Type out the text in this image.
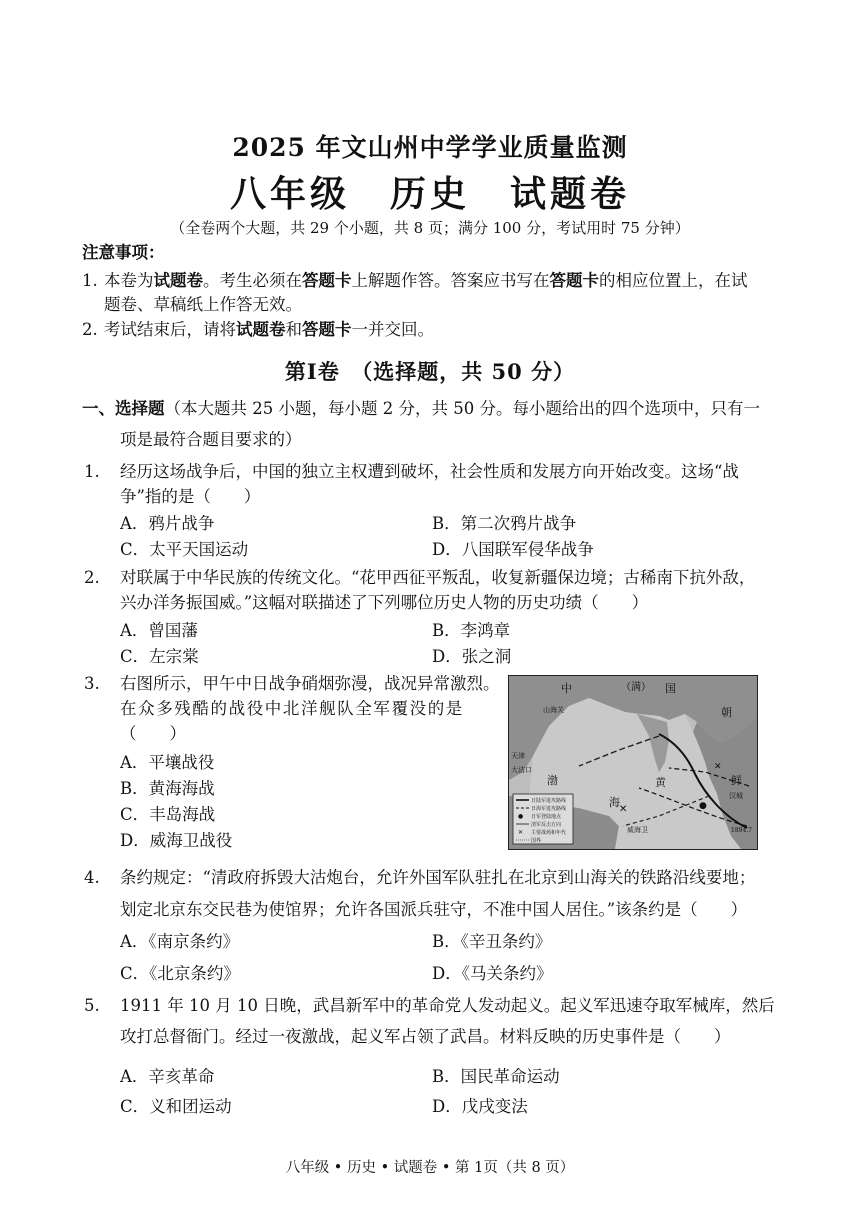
2025 年文山州中学学业质量监测
八年级　历史　试题卷
（全卷两个大题，共 29 个小题，共 8 页；满分 100 分，考试用时 75 分钟）
注意事项：
1. 本卷为试题卷。考生必须在答题卡上解题作答。答案应书写在答题卡的相应位置上，在试
题卷、草稿纸上作答无效。
2. 考试结束后，请将试题卷和答题卡一并交回。
第Ⅰ卷　（选择题，共 50 分）
一、选择题（本大题共 25 小题，每小题 2 分，共 50 分。每小题给出的四个选项中，只有一
项是最符合题目要求的）
1. 经历这场战争后，中国的独立主权遭到破坏，社会性质和发展方向开始改变。这场“战
争”指的是（　　）
A．鸦片战争	B．第二次鸦片战争
C．太平天国运动	D．八国联军侵华战争
2. 对联属于中华民族的传统文化。“花甲西征平叛乱，收复新疆保边境；古稀南下抗外敌，
兴办洋务振国威。”这幅对联描述了下列哪位历史人物的历史功绩（　　）
A．曾国藩	B．李鸿章
C．左宗棠	D．张之洞
3. 右图所示，甲午中日战争硝烟弥漫，战况异常激烈。
在众多残酷的战役中北洋舰队全军覆没的是
（　　）
A．平壤战役
B．黄海海战
C．丰岛海战
D．威海卫战役
✕	●
✕
中	（满） 国
朝
山海关
天津
大沽口
威海卫
汉城
渤	黄
海
鲜
1894.7
日陆军进攻路线
日海军进攻路线
● 日军登陆地点
清军反击方向
✕ 主要战场和年代
国界
4. 条约规定：“清政府拆毁大沽炮台，允许外国军队驻扎在北京到山海关的铁路沿线要地；
划定北京东交民巷为使馆界；允许各国派兵驻守，不准中国人居住。”该条约是（　　）
A．《南京条约》	B．《辛丑条约》
C．《北京条约》	D．《马关条约》
5. 1911 年 10 月 10 日晚，武昌新军中的革命党人发动起义。起义军迅速夺取军械库，然后
攻打总督衙门。经过一夜激战，起义军占领了武昌。材料反映的历史事件是（　　）
A．辛亥革命	B．国民革命运动
C．义和团运动	D．戊戌变法
八年级 • 历史 • 试题卷 • 第 1页（共 8 页）
